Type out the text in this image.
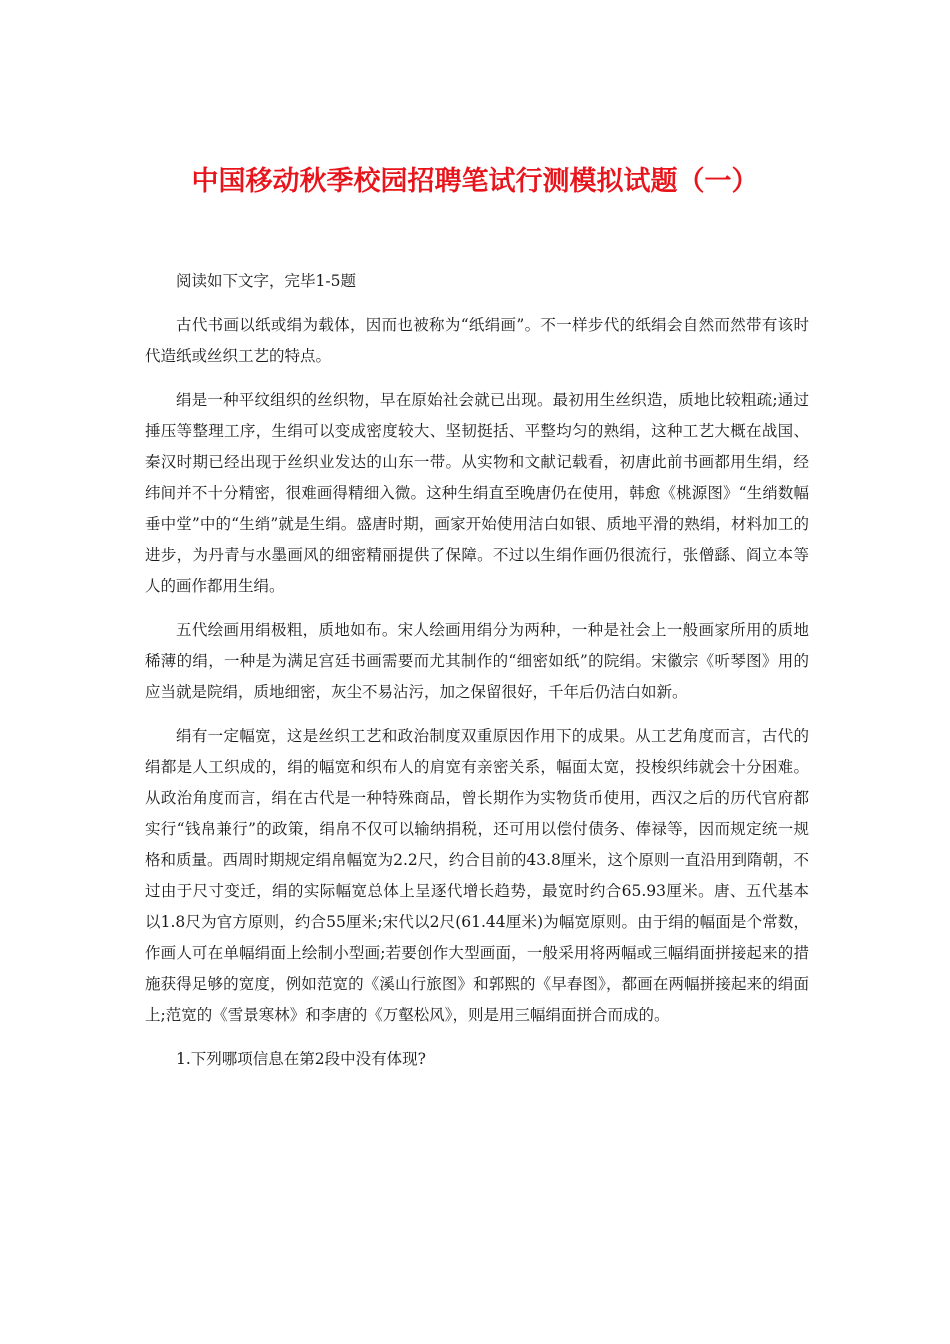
中国移动秋季校园招聘笔试行测模拟试题（一）

阅读如下文字，完毕1-5题

古代书画以纸或绢为载体，因而也被称为“纸绢画”。不一样步代的纸绢会自然而然带有该时代造纸或丝织工艺的特点。

绢是一种平纹组织的丝织物，早在原始社会就已出现。最初用生丝织造，质地比较粗疏;通过捶压等整理工序，生绢可以变成密度较大、坚韧挺括、平整均匀的熟绢，这种工艺大概在战国、秦汉时期已经出现于丝织业发达的山东一带。从实物和文献记载看，初唐此前书画都用生绢，经纬间并不十分精密，很难画得精细入微。这种生绢直至晚唐仍在使用，韩愈《桃源图》“生绡数幅垂中堂”中的“生绡”就是生绢。盛唐时期，画家开始使用洁白如银、质地平滑的熟绢，材料加工的进步，为丹青与水墨画风的细密精丽提供了保障。不过以生绢作画仍很流行，张僧繇、阎立本等人的画作都用生绢。

五代绘画用绢极粗，质地如布。宋人绘画用绢分为两种，一种是社会上一般画家所用的质地稀薄的绢，一种是为满足宫廷书画需要而尤其制作的“细密如纸”的院绢。宋徽宗《听琴图》用的应当就是院绢，质地细密，灰尘不易沾污，加之保留很好，千年后仍洁白如新。

绢有一定幅宽，这是丝织工艺和政治制度双重原因作用下的成果。从工艺角度而言，古代的绢都是人工织成的，绢的幅宽和织布人的肩宽有亲密关系，幅面太宽，投梭织纬就会十分困难。从政治角度而言，绢在古代是一种特殊商品，曾长期作为实物货币使用，西汉之后的历代官府都实行“钱帛兼行”的政策，绢帛不仅可以输纳捐税，还可用以偿付债务、俸禄等，因而规定统一规格和质量。西周时期规定绢帛幅宽为2.2尺，约合目前的43.8厘米，这个原则一直沿用到隋朝，不过由于尺寸变迁，绢的实际幅宽总体上呈逐代增长趋势，最宽时约合65.93厘米。唐、五代基本以1.8尺为官方原则，约合55厘米;宋代以2尺(61.44厘米)为幅宽原则。由于绢的幅面是个常数，作画人可在单幅绢面上绘制小型画;若要创作大型画面，一般采用将两幅或三幅绢面拼接起来的措施获得足够的宽度，例如范宽的《溪山行旅图》和郭熙的《早春图》，都画在两幅拼接起来的绢面上;范宽的《雪景寒林》和李唐的《万壑松风》，则是用三幅绢面拼合而成的。

1.下列哪项信息在第2段中没有体现?
